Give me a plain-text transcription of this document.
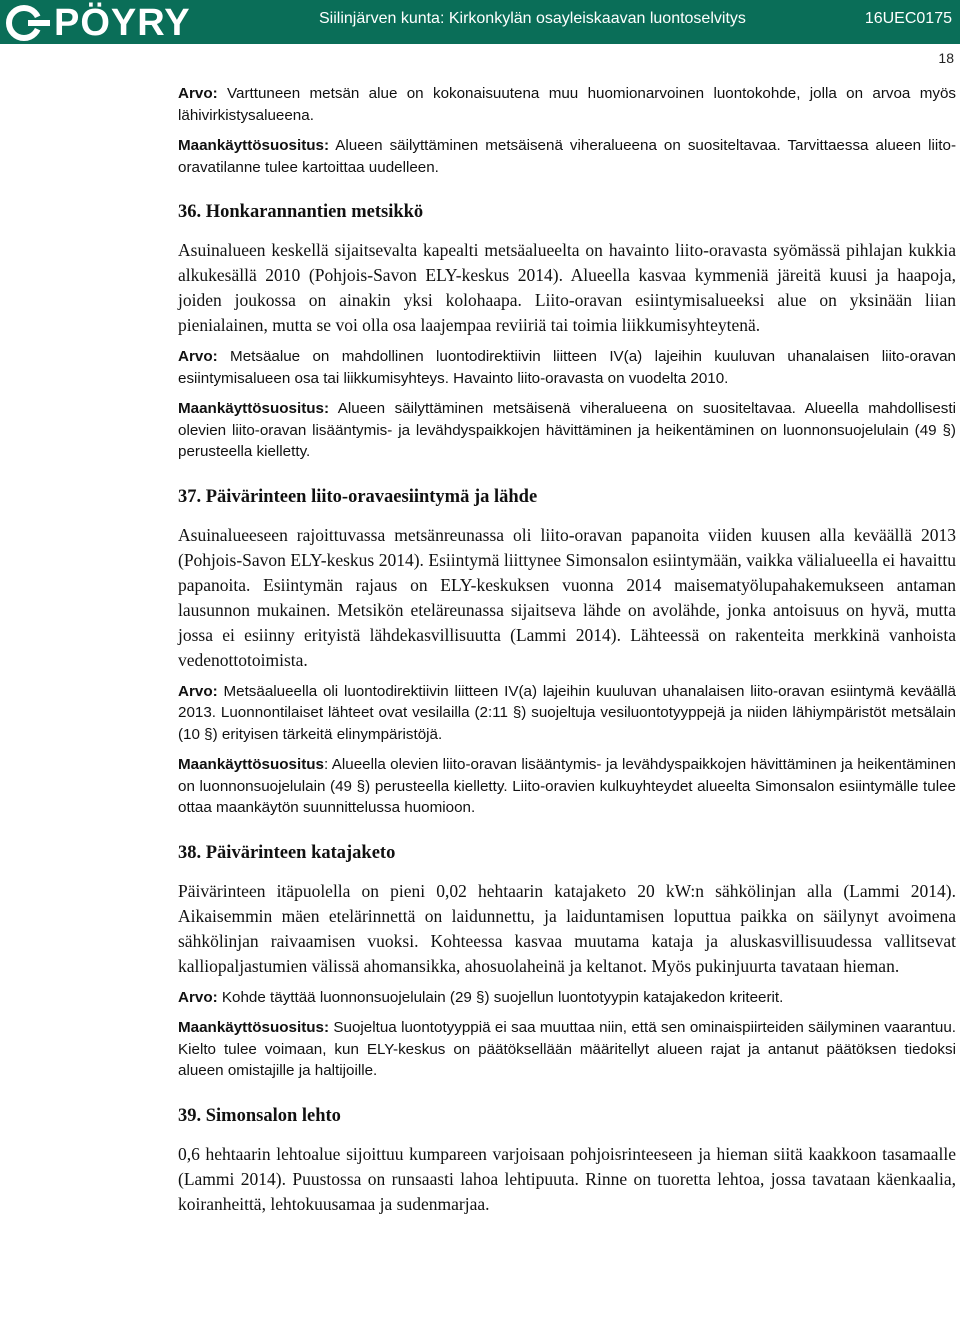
PÖYRY	Siilinjärven kunta: Kirkonkylän osayleiskaavan luontoselvitys	16UEC0175
18

Arvo: Varttuneen metsän alue on kokonaisuutena muu huomionarvoinen luontokohde, jolla on arvoa myös lähivirkistysalueena.

Maankäyttösuositus: Alueen säilyttäminen metsäisenä viheralueena on suositeltavaa. Tarvittaessa alueen liito-oravatilanne tulee kartoittaa uudelleen.

36. Honkarannantien metsikkö

Asuinalueen keskellä sijaitsevalta kapealti metsäalueelta on havainto liito-oravasta syömässä pihlajan kukkia alkukesällä 2010 (Pohjois-Savon ELY-keskus 2014). Alueella kasvaa kymmeniä järeitä kuusi ja haapoja, joiden joukossa on ainakin yksi kolohaapa. Liito-oravan esiintymisalueeksi alue on yksinään liian pienialainen, mutta se voi olla osa laajempaa reviiriä tai toimia liikkumisyhteytenä.

Arvo: Metsäalue on mahdollinen luontodirektiivin liitteen IV(a) lajeihin kuuluvan uhanalaisen liito-oravan esiintymisalueen osa tai liikkumisyhteys. Havainto liito-oravasta on vuodelta 2010.

Maankäyttösuositus: Alueen säilyttäminen metsäisenä viheralueena on suositeltavaa. Alueella mahdollisesti olevien liito-oravan lisääntymis- ja levähdyspaikkojen hävittäminen ja heikentäminen on luonnonsuojelulain (49 §) perusteella kielletty.

37. Päivärinteen liito-oravaesiintymä ja lähde

Asuinalueeseen rajoittuvassa metsänreunassa oli liito-oravan papanoita viiden kuusen alla keväällä 2013 (Pohjois-Savon ELY-keskus 2014). Esiintymä liittynee Simonsalon esiintymään, vaikka välialueella ei havaittu papanoita. Esiintymän rajaus on ELY-keskuksen vuonna 2014 maisematyölupahakemukseen antaman lausunnon mukainen. Metsikön eteläreunassa sijaitseva lähde on avolähde, jonka antoisuus on hyvä, mutta jossa ei esiinny erityistä lähdekasvillisuutta (Lammi 2014). Lähteessä on rakenteita merkkinä vanhoista vedenottotoimista.

Arvo: Metsäalueella oli luontodirektiivin liitteen IV(a) lajeihin kuuluvan uhanalaisen liito-oravan esiintymä keväällä 2013. Luonnontilaiset lähteet ovat vesilailla (2:11 §) suojeltuja vesiluontotyyppejä ja niiden lähiympäristöt metsälain (10 §) erityisen tärkeitä elinympäristöjä.

Maankäyttösuositus: Alueella olevien liito-oravan lisääntymis- ja levähdyspaikkojen hävittäminen ja heikentäminen on luonnonsuojelulain (49 §) perusteella kielletty. Liito-oravien kulkuyhteydet alueelta Simonsalon esiintymälle tulee ottaa maankäytön suunnittelussa huomioon.

38. Päivärinteen katajaketo

Päivärinteen itäpuolella on pieni 0,02 hehtaarin katajaketo 20 kW:n sähkölinjan alla (Lammi 2014). Aikaisemmin mäen etelärinnettä on laidunnettu, ja laiduntamisen loputtua paikka on säilynyt avoimena sähkölinjan raivaamisen vuoksi. Kohteessa kasvaa muutama kataja ja aluskasvillisuudessa vallitsevat kalliopaljastumien välissä ahomansikka, ahosuolaheinä ja keltanot. Myös pukinjuurta tavataan hieman.

Arvo: Kohde täyttää luonnonsuojelulain (29 §) suojellun luontotyypin katajakedon kriteerit.

Maankäyttösuositus: Suojeltua luontotyyppiä ei saa muuttaa niin, että sen ominaispiirteiden säilyminen vaarantuu. Kielto tulee voimaan, kun ELY-keskus on päätöksellään määritellyt alueen rajat ja antanut päätöksen tiedoksi alueen omistajille ja haltijoille.

39. Simonsalon lehto

0,6 hehtaarin lehtoalue sijoittuu kumpareen varjoisaan pohjoisrinteeseen ja hieman siitä kaakkoon tasamaalle (Lammi 2014). Puustossa on runsaasti lahoa lehtipuuta. Rinne on tuoretta lehtoa, jossa tavataan käenkaalia, koiranheittä, lehtokuusamaa ja sudenmarjaa.
